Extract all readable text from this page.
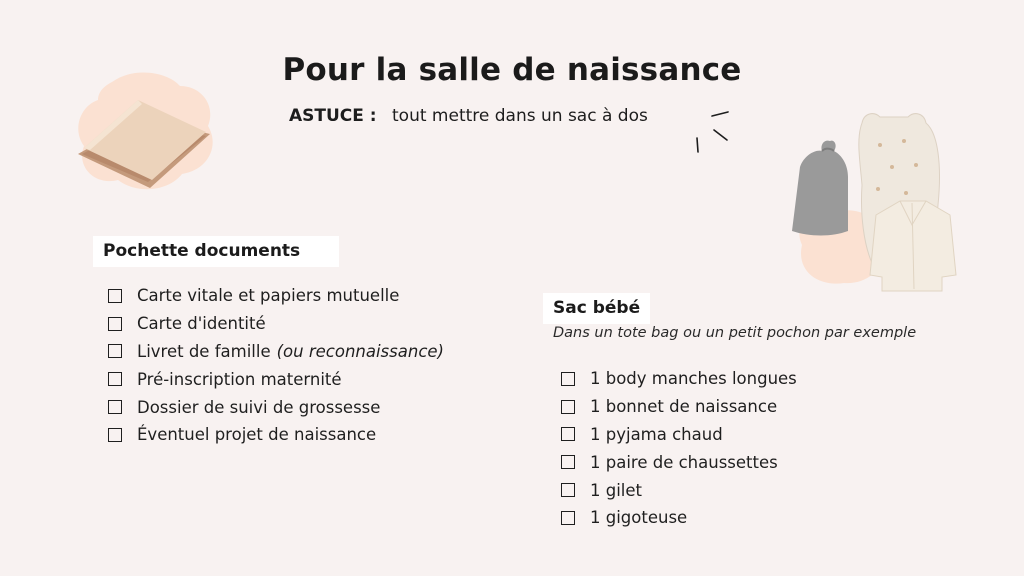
Pour la salle de naissance
ASTUCE : tout mettre dans un sac à dos
Pochette documents
Carte vitale et papiers mutuelle
Carte d'identité
Livret de famille (ou reconnaissance)
Pré-inscription maternité
Dossier de suivi de grossesse
Éventuel projet de naissance
Sac bébé
Dans un tote bag ou un petit pochon par exemple
1 body manches longues
1 bonnet de naissance
1 pyjama chaud
1 paire de chaussettes
1 gilet
1 gigoteuse
